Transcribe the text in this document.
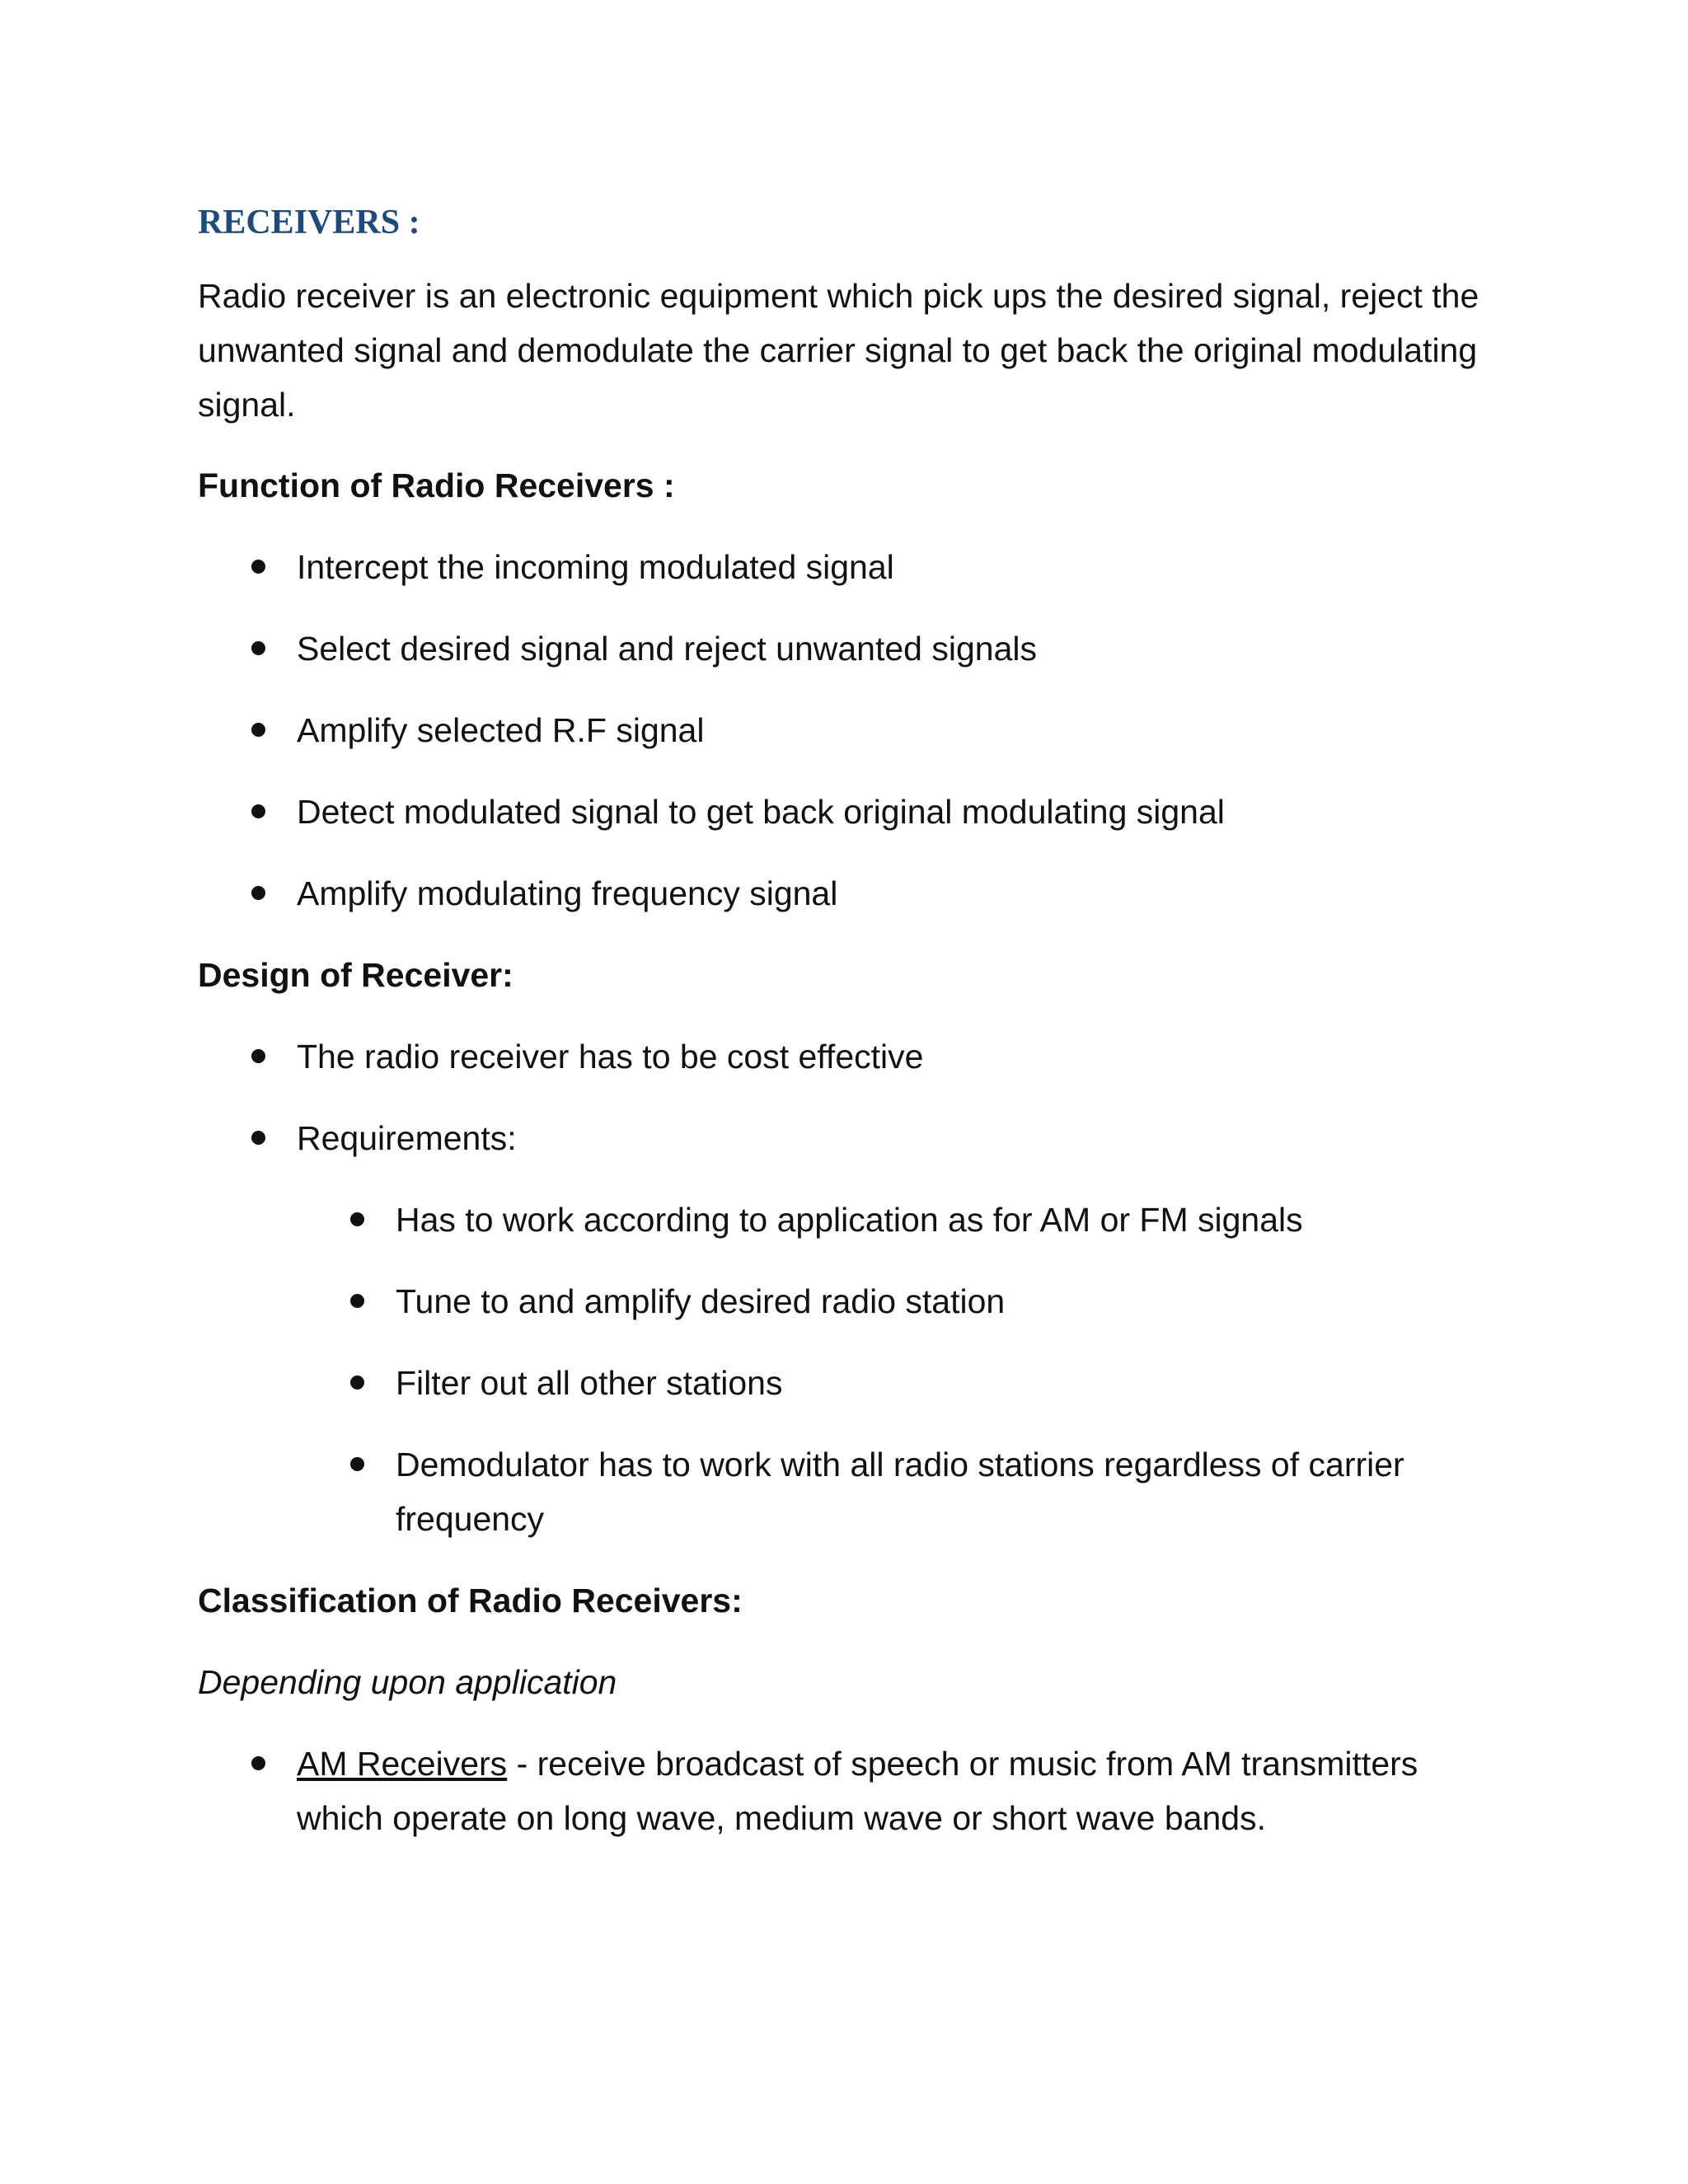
RECEIVERS :

Radio receiver is an electronic equipment which pick ups the desired signal, reject the unwanted signal and demodulate the carrier signal to get back the original modulating signal.

Function of Radio Receivers :
Intercept the incoming modulated signal
Select desired signal and reject unwanted signals
Amplify selected R.F signal
Detect modulated signal to get back original modulating signal
Amplify modulating frequency signal
Design of Receiver:
The radio receiver has to be cost effective
Requirements:
Has to work according to application as for AM or FM signals
Tune to and amplify desired radio station
Filter out all other stations
Demodulator has to work with all radio stations regardless of carrier frequency
Classification of Radio Receivers:
Depending upon application
AM Receivers - receive broadcast of speech or music from AM transmitters which operate on long wave, medium wave or short wave bands.
